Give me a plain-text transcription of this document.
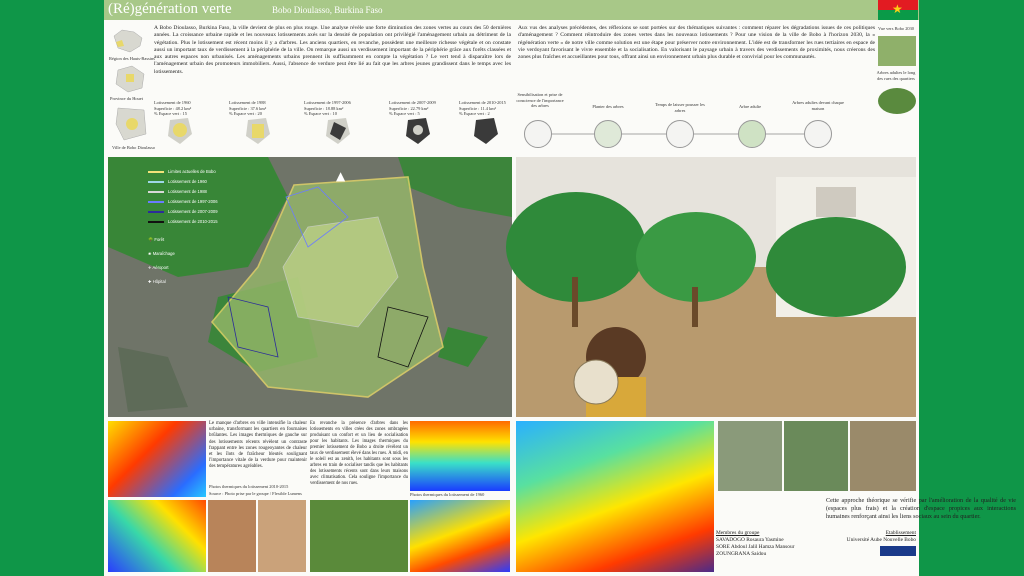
(Ré)génération verte	Bobo Dioulasso, Burkina Faso	★
Région des Hauts-Bassins
Province du Houet
Ville de Bobo Dioulasso
A Bobo Dioulasso, Burkina Faso, la ville devient de plus en plus rouge. Une analyse révèle une forte diminution des zones vertes au cours des 50 dernières années. La croissance urbaine rapide et les nouveaux lotissements axés sur la densité de population ont privilégié l'aménagement urbain au détriment de la végétation. Plus le lotissement est récent moins il y a d'arbres. Les anciens quartiers, en revanche, possèdent une meilleure richesse végétale et on constate aussi un important taux de verdissement à la périphérie de la ville. On remarque aussi un verdissement important de la périphérie grâce aux forêts classées et aux autres espaces non urbanisés. Les aménagements urbains prennent ils suffisamment en compte la végétation ? Le vert tend à disparaître lors de l'aménagement urbain des promoteurs immobiliers. Aussi, l'absence de verdure peut être lié au fait que les arbres jeunes grandissent dans le temps avec les lotissements.
Aux vus des analyses précédentes, des réflexions se sont portées sur des thématiques suivantes : comment réparer les dégradations issues de ces politiques d'aménagement ? Comment réintroduire des zones vertes dans les nouveaux lotissements ? Pour une vision de la ville de Bobo à l'horizon 2030, la « régénération verte » de notre ville comme solution est une étape pour préserver notre environnement. L'idée est de transformer les rues tertiaires en espace de vie verdoyant favorisant le vivre ensemble et la socialisation. En valorisant le paysage urbain à travers des verdissements de proximités, nous créerons des zones plus fraîches et accueillantes pour tous, offrant ainsi un environnement urbain plus durable et convivial pour les communautés.
Lotissement de 1960
Superficie : 48.2 km²
% Espace vert : 15
Lotissement de 1988
Superficie : 37.6 km²
% Espace vert : 20
Lotissement de 1997-2006
Superficie : 18.88 km²
% Espace vert : 10
Lotissement de 2007-2009
Superficie : 22.79 km²
% Espace vert : 5
Lotissement de 2010-2015
Superficie : 11.4 km²
% Espace vert : 2
Sensibilisation et prise de conscience de l'importance des arbres	Planter des arbres	Temps de laisser pousser les arbres
Arbre adulte
Arbres adultes devant chaque maison
Vue vers Bobo 2030
Arbres adultes le long des rues des quartiers
Limites actuelles de Bobo
Lotissement de 1960
Lotissement de 1988
Lotissement de 1997-2006
Lotissement de 2007-2009
Lotissement de 2010-2015
🌳 Forêt
❀ Maraîchage
✈ Aéroport
✚ Hôpital
▲
Le manque d'arbres en ville intensifie la chaleur urbaine, transformant les quartiers en fournaises brûlantes. Les images thermiques de gauche sur des lotissements récents révèlent un contraste frappant entre les zones rougeoyantes de chaleur et les îlots de fraîcheur bleutés soulignant l'importance vitale de la verdure pour maintenir des températures agréables.
Photos thermiques du lotissement 2010-2015
Source : Photo prise par le groupe / Flexible Lumens
En revanche la présence d'arbres dans les lotissements en villes crées des zones ombragées produisant un confort et un lieu de socialisation pour les habitants. Les images thermiques du premier lotissement de Bobo a droite révèlent un taux de verdissement élevé dans les rues. A midi, en le soleil est au zenith, les habitants sont sous les arbres en train de socialiser tandis que les habitants des lotissements récents sont dans leurs maisons avec climatisation. Cela souligne l'importance du verdissement de nos rues.
Photos thermiques du lotissement de 1960
Cette approche théorique se vérifie par l'amélioration de la qualité de vie (espaces plus frais) et la création d'espace propices aux interactions humaines renforçant ainsi les liens sociaux au sein du quartier.
Membres du groupe
SAVADOGO Rosaura Yasmine
SORE Abdoul Jalil Hamza Mansour
ZOUNGRANA Saidou
Etablissement
Université Aube Nouvelle Bobo
